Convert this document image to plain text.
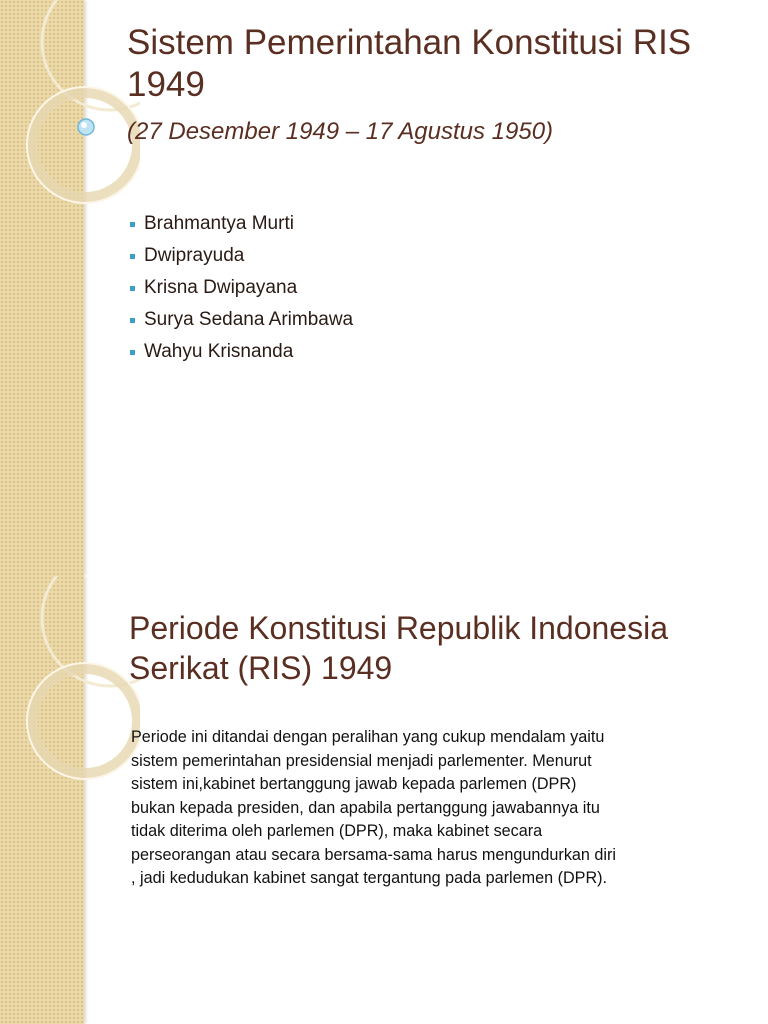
Sistem Pemerintahan Konstitusi RIS 1949

(27 Desember 1949 – 17 Agustus 1950)

Brahmantya Murti
Dwiprayuda
Krisna Dwipayana
Surya Sedana Arimbawa
Wahyu Krisnanda
Periode Konstitusi Republik Indonesia Serikat (RIS) 1949

Periode ini ditandai dengan peralihan yang cukup mendalam yaitu
sistem pemerintahan presidensial menjadi parlementer. Menurut
sistem ini,kabinet bertanggung jawab kepada parlemen (DPR)
bukan kepada presiden, dan apabila pertanggung jawabannya itu
tidak diterima oleh parlemen (DPR), maka kabinet secara
perseorangan atau secara bersama-sama harus mengundurkan diri
, jadi kedudukan kabinet sangat tergantung pada parlemen (DPR).
